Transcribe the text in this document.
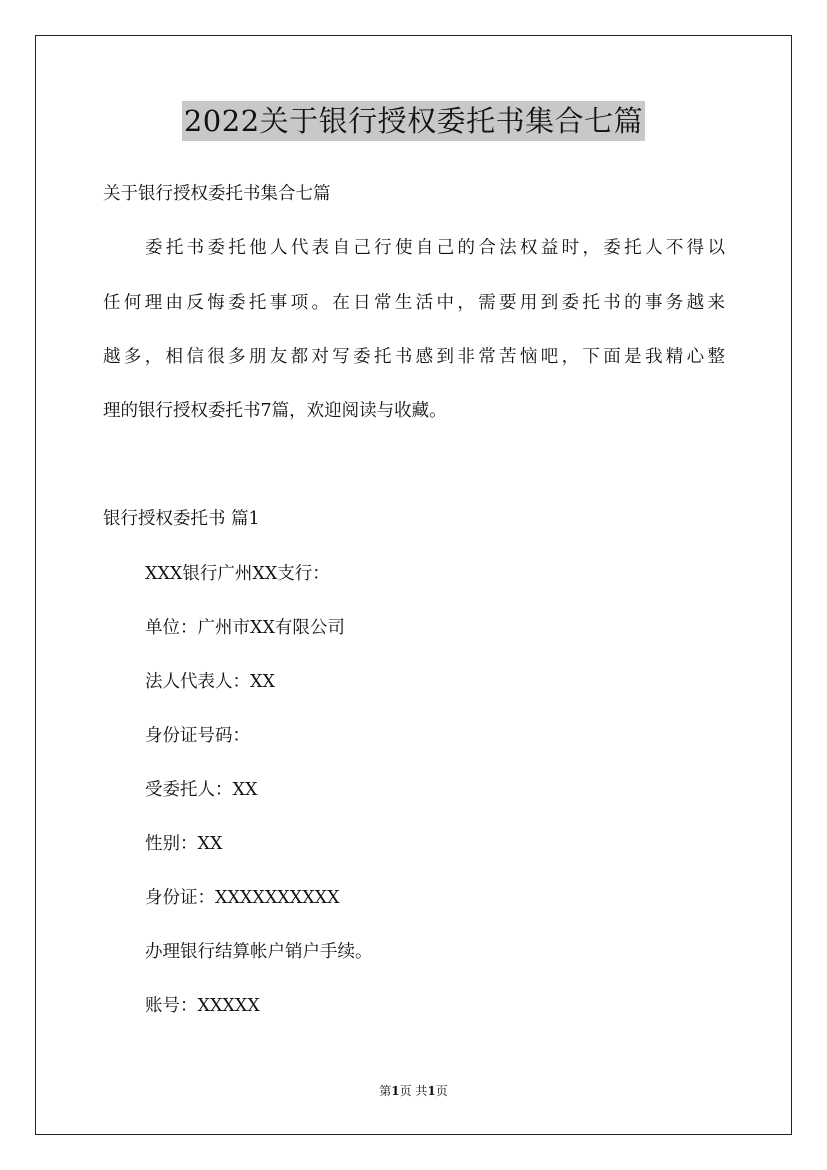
2022关于银行授权委托书集合七篇

关于银行授权委托书集合七篇

委托书委托他人代表自己行使自己的合法权益时，委托人不得以

任何理由反悔委托事项。在日常生活中，需要用到委托书的事务越来

越多，相信很多朋友都对写委托书感到非常苦恼吧，下面是我精心整

理的银行授权委托书7篇，欢迎阅读与收藏。

银行授权委托书 篇1

XXX银行广州XX支行：

单位：广州市XX有限公司

法人代表人：XX

身份证号码：

受委托人：XX

性别：XX

身份证：XXXXXXXXXX

办理银行结算帐户销户手续。

账号：XXXXX

第1页 共1页
